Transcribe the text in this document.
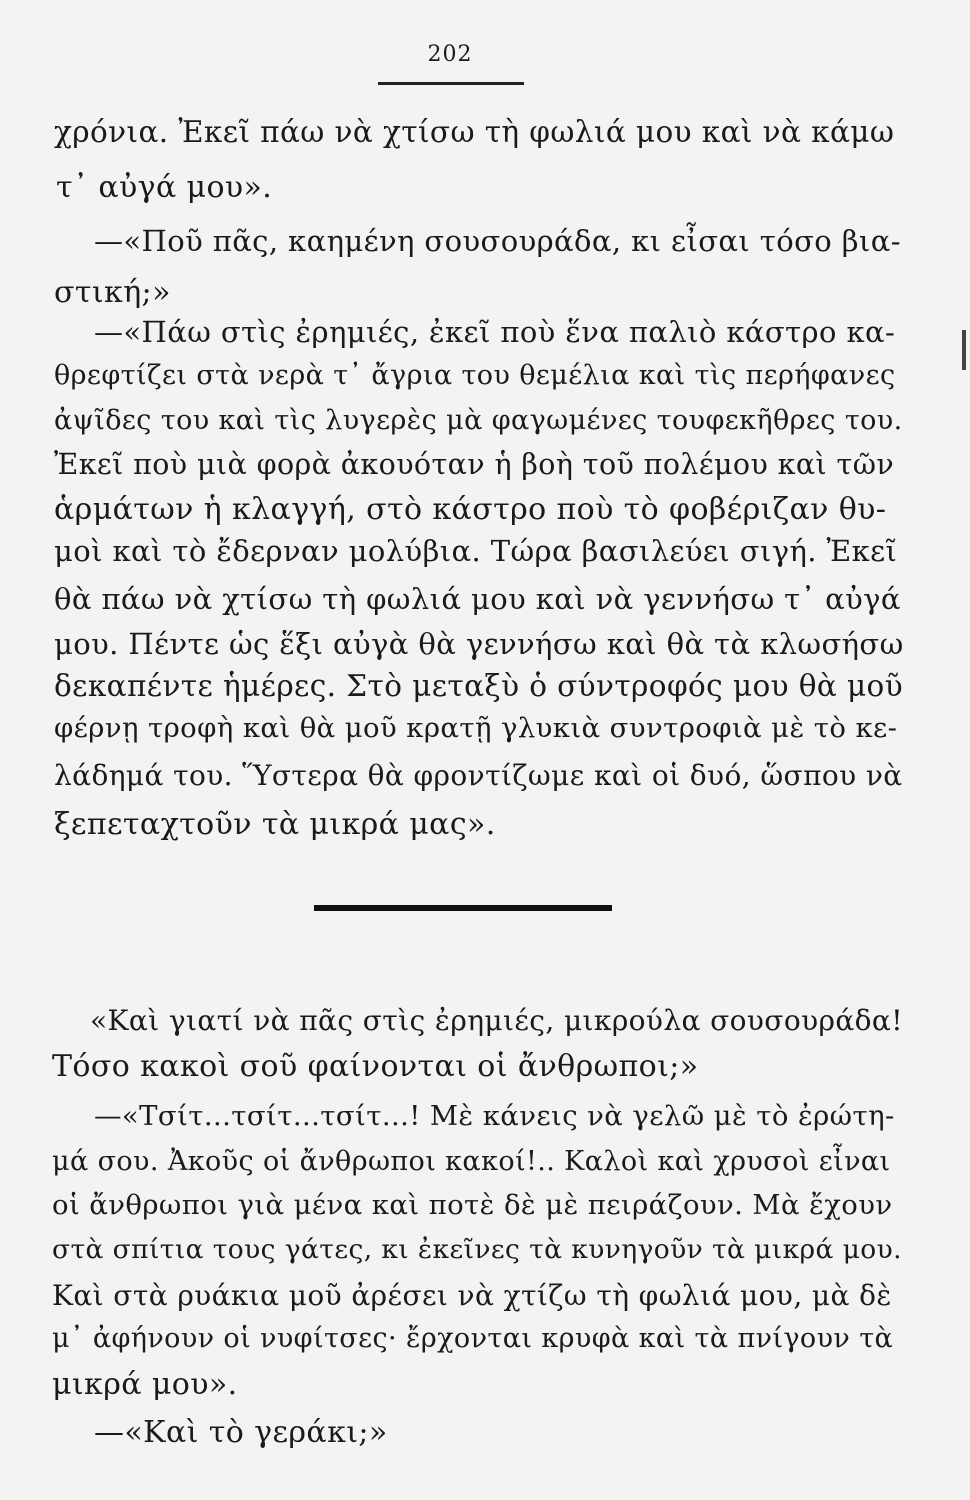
202
χρόνια. Ἐκεῖ πάω νὰ χτίσω τὴ φωλιά μου καὶ νὰ κάμω
τ᾿ αὐγά μου».
—«Ποῦ πᾶς, καημένη σουσουράδα, κι εἶσαι τόσο βια-
στική;»
—«Πάω στὶς ἐρημιές, ἐκεῖ ποὺ ἕνα παλιὸ κάστρο κα-
θρεφτίζει στὰ νερὰ τ᾿ ἄγρια του θεμέλια καὶ τὶς περήφανες
ἀψῖδες του καὶ τὶς λυγερὲς μὰ φαγωμένες τουφεκῆθρες του.
Ἐκεῖ ποὺ μιὰ φορὰ ἀκουόταν ἡ βοὴ τοῦ πολέμου καὶ τῶν
ἁρμάτων ἡ κλαγγή, στὸ κάστρο ποὺ τὸ φοβέριζαν θυ-
μοὶ καὶ τὸ ἔδερναν μολύβια. Τώρα βασιλεύει σιγή. Ἐκεῖ
θὰ πάω νὰ χτίσω τὴ φωλιά μου καὶ νὰ γεννήσω τ᾿ αὐγά
μου. Πέντε ὡς ἕξι αὐγὰ θὰ γεννήσω καὶ θὰ τὰ κλωσήσω
δεκαπέντε ἡμέρες. Στὸ μεταξὺ ὁ σύντροφός μου θὰ μοῦ
φέρνῃ τροφὴ καὶ θὰ μοῦ κρατῇ γλυκιὰ συντροφιὰ μὲ τὸ κε-
λάδημά του. Ὕστερα θὰ φροντίζωμε καὶ οἱ δυό, ὥσπου νὰ
ξεπεταχτοῦν τὰ μικρά μας».
«Καὶ γιατί νὰ πᾶς στὶς ἐρημιές, μικρούλα σουσουράδα!
Τόσο κακοὶ σοῦ φαίνονται οἱ ἄνθρωποι;»
—«Τσίτ...τσίτ...τσίτ...! Μὲ κάνεις νὰ γελῶ μὲ τὸ ἐρώτη-
μά σου. Ἀκοῦς οἱ ἄνθρωποι κακοί!.. Καλοὶ καὶ χρυσοὶ εἶναι
οἱ ἄνθρωποι γιὰ μένα καὶ ποτὲ δὲ μὲ πειράζουν. Μὰ ἔχουν
στὰ σπίτια τους γάτες, κι ἐκεῖνες τὰ κυνηγοῦν τὰ μικρά μου.
Καὶ στὰ ρυάκια μοῦ ἀρέσει νὰ χτίζω τὴ φωλιά μου, μὰ δὲ
μ᾿ ἀφήνουν οἱ νυφίτσες· ἔρχονται κρυφὰ καὶ τὰ πνίγουν τὰ
μικρά μου».
—«Καὶ τὸ γεράκι;»
